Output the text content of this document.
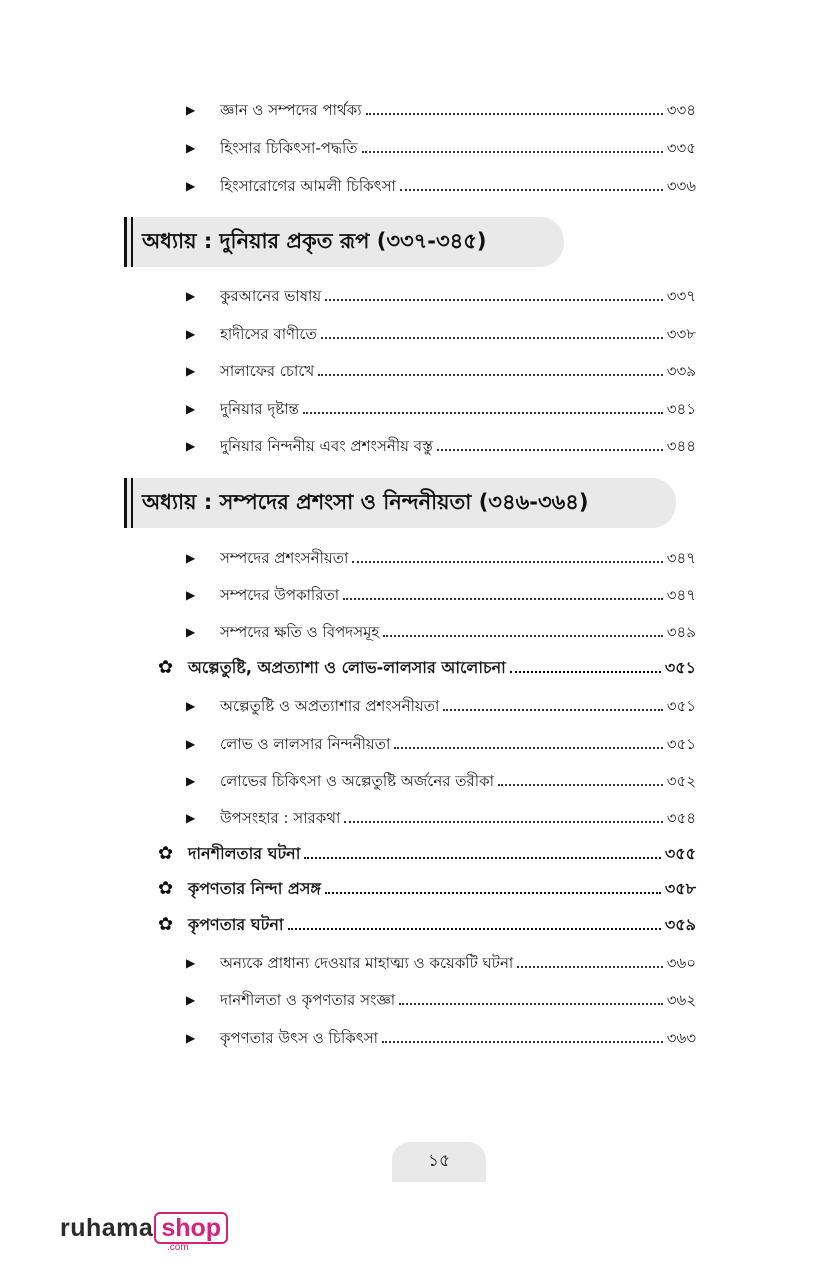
▶	জ্ঞান ও সম্পদের পার্থক্য	৩৩৪
▶	হিংসার চিকিৎসা-পদ্ধতি	৩৩৫
▶	হিংসারোগের আমলী চিকিৎসা	৩৩৬
অধ্যায় : দুনিয়ার প্রকৃত রূপ (৩৩৭-৩৪৫)
▶	কুরআনের ভাষায়	৩৩৭
▶	হাদীসের বাণীতে	৩৩৮
▶	সালাফের চোখে	৩৩৯
▶	দুনিয়ার দৃষ্টান্ত	৩৪১
▶	দুনিয়ার নিন্দনীয় এবং প্রশংসনীয় বস্তু	৩৪৪
অধ্যায় : সম্পদের প্রশংসা ও নিন্দনীয়তা (৩৪৬-৩৬৪)
▶	সম্পদের প্রশংসনীয়তা	৩৪৭
▶	সম্পদের উপকারিতা	৩৪৭
▶	সম্পদের ক্ষতি ও বিপদসমূহ	৩৪৯
✿ অল্পেতুষ্টি, অপ্রত্যাশা ও লোভ-লালসার আলোচনা	৩৫১
▶	অল্পেতুষ্টি ও অপ্রত্যাশার প্রশংসনীয়তা	৩৫১
▶	লোভ ও লালসার নিন্দনীয়তা	৩৫১
▶	লোভের চিকিৎসা ও অল্পেতুষ্টি অর্জনের তরীকা	৩৫২
▶	উপসংহার : সারকথা	৩৫৪
✿ দানশীলতার ঘটনা	৩৫৫
✿ কৃপণতার নিন্দা প্রসঙ্গ	৩৫৮
✿ কৃপণতার ঘটনা	৩৫৯
▶	অন্যকে প্রাধান্য দেওয়ার মাহাত্ম্য ও কয়েকটি ঘটনা	৩৬০
▶	দানশীলতা ও কৃপণতার সংজ্ঞা	৩৬২
▶	কৃপণতার উৎস ও চিকিৎসা	৩৬৩
১৫
ruhama shop
.com
